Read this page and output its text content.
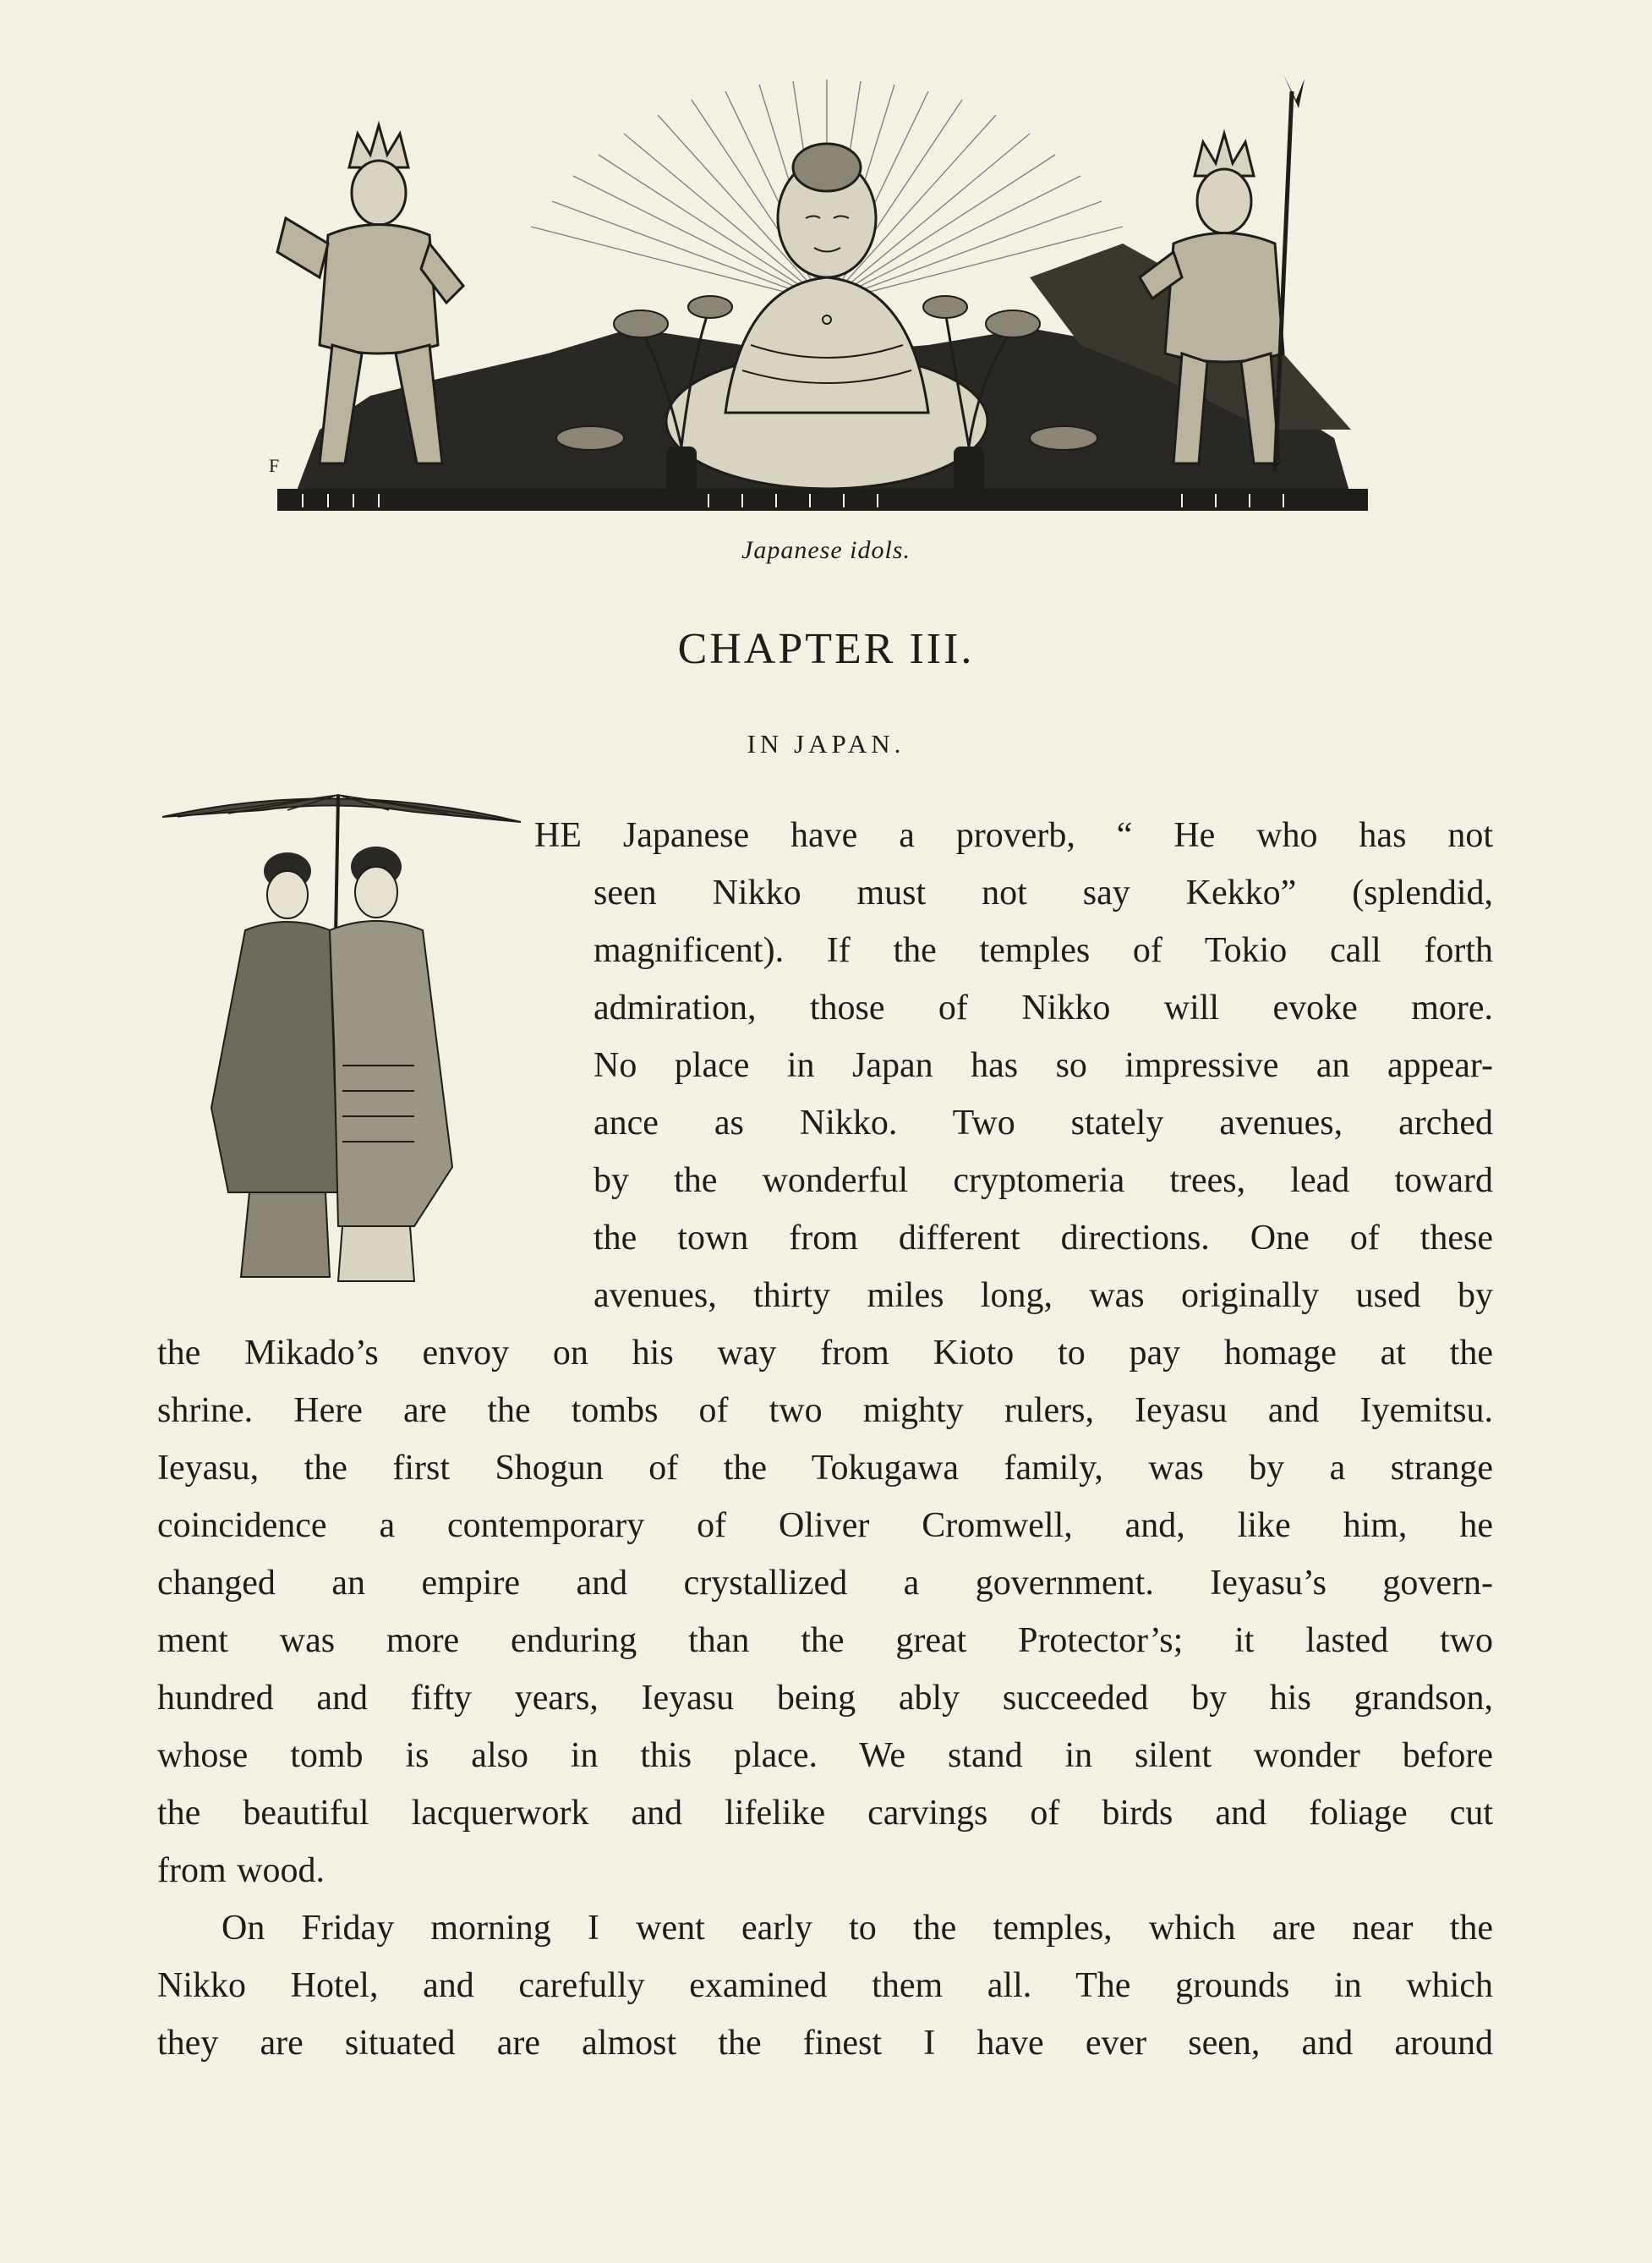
F
Japanese idols.
CHAPTER III.
IN JAPAN.
HE Japanese have a proverb, “ He who has not
seen Nikko must not say Kekko” (splendid,
magnificent). If the temples of Tokio call forth
admiration, those of Nikko will evoke more.
No place in Japan has so impressive an appear-
ance as Nikko. Two stately avenues, arched
by the wonderful cryptomeria trees, lead toward
the town from different directions. One of these
avenues, thirty miles long, was originally used by
the Mikado’s envoy on his way from Kioto to pay homage at the
shrine. Here are the tombs of two mighty rulers, Ieyasu and Iyemitsu.
Ieyasu, the first Shogun of the Tokugawa family, was by a strange
coincidence a contemporary of Oliver Cromwell, and, like him, he
changed an empire and crystallized a government. Ieyasu’s govern-
ment was more enduring than the great Protector’s; it lasted two
hundred and fifty years, Ieyasu being ably succeeded by his grandson,
whose tomb is also in this place. We stand in silent wonder before
the beautiful lacquerwork and lifelike carvings of birds and foliage cut
from wood.
On Friday morning I went early to the temples, which are near the
Nikko Hotel, and carefully examined them all. The grounds in which
they are situated are almost the finest I have ever seen, and around
